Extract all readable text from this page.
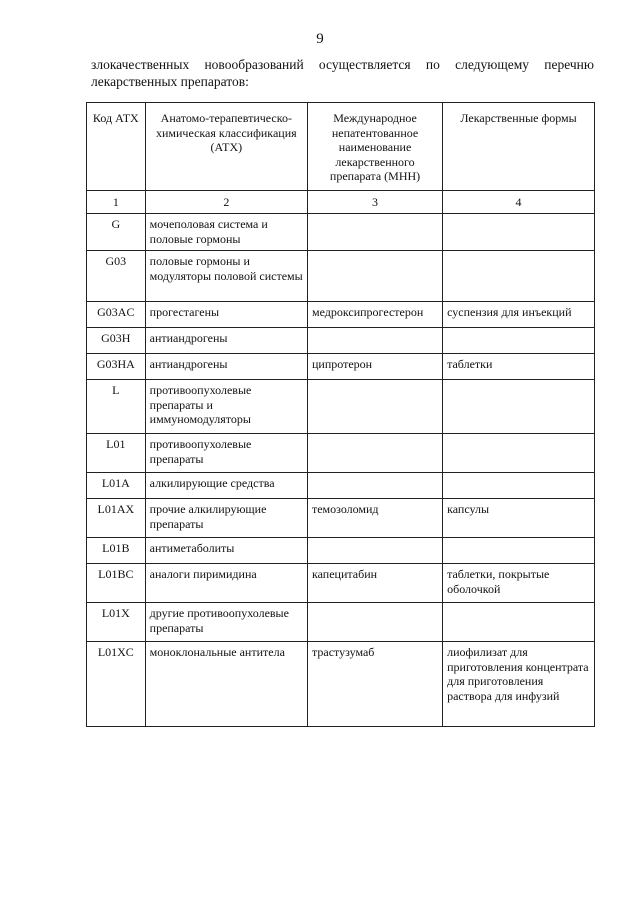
9
злокачественных новообразований осуществляется по следующему перечню лекарственных препаратов:
Код АТХ	Анатомо-терапевтическо-химическая классификация (АТХ)	Международное непатентованное наименование лекарственного препарата (МНН)	Лекарственные формы
1	2	3	4
G	мочеполовая система и половые гормоны		
G03	половые гормоны и модуляторы половой системы		
G03AC	прогестагены	медроксипрогестерон	суспензия для инъекций
G03H	антиандрогены		
G03HA	антиандрогены	ципротерон	таблетки
L	противоопухолевые препараты и иммуномодуляторы		
L01	противоопухолевые препараты		
L01A	алкилирующие средства		
L01AX	прочие алкилирующие препараты	темозоломид	капсулы
L01B	антиметаболиты		
L01BC	аналоги пиримидина	капецитабин	таблетки, покрытые оболочкой
L01X	другие противоопухолевые препараты		
L01XC	моноклональные антитела	трастузумаб	лиофилизат для приготовления концентрата для приготовления раствора для инфузий
